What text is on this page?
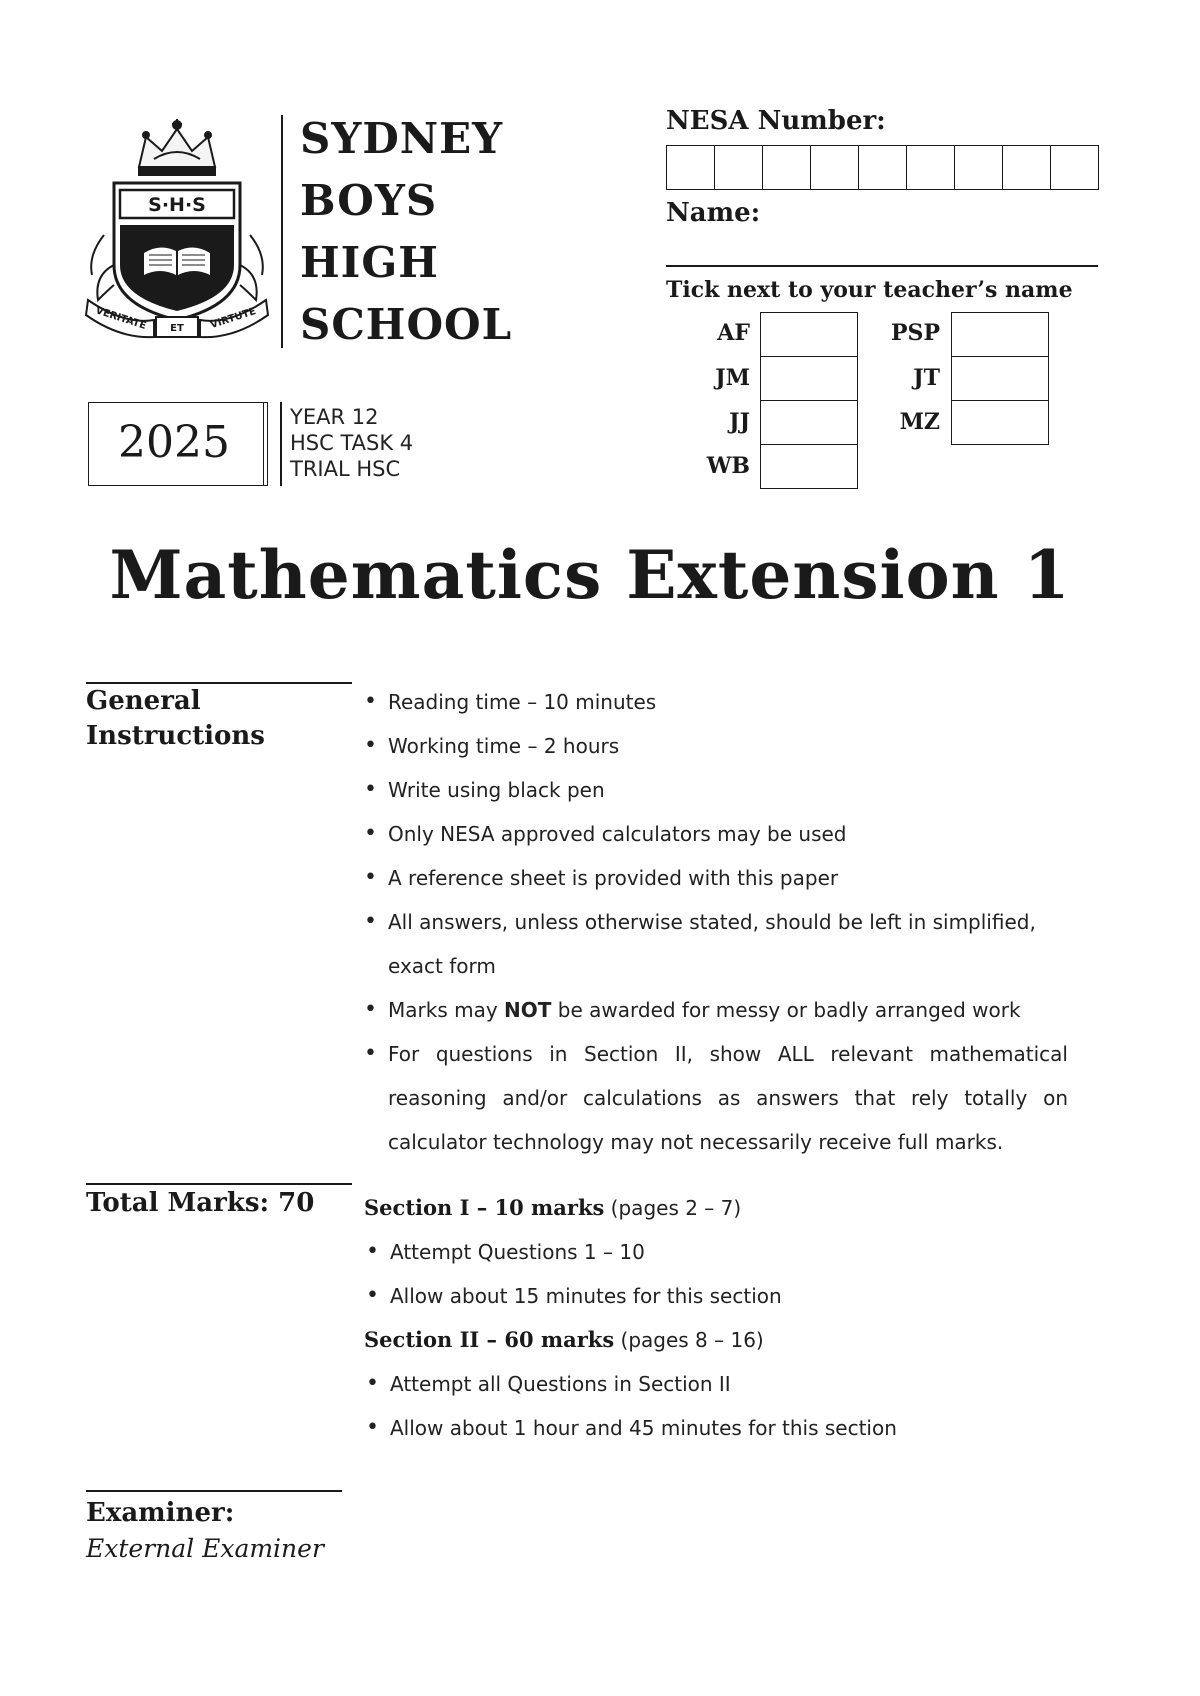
S·H·S
VERITATE ET	VIRTUTE
SYDNEY
BOYS
HIGH
SCHOOL
2025	YEAR 12
HSC TASK 4
TRIAL HSC
NESA Number:
Name:
Tick next to your teacher’s name
AF
JM
JJ
WB
PSP
JT
MZ
Mathematics Extension 1
General
Instructions

• Reading time – 10 minutes

• Working time – 2 hours

• Write using black pen

• Only NESA approved calculators may be used

• A reference sheet is provided with this paper

• All answers, unless otherwise stated, should be left in simplified, exact form

• Marks may NOT be awarded for messy or badly arranged work

• For questions in Section II, show ALL relevant mathematical reasoning and/or calculations as answers that rely totally on calculator technology may not necessarily receive full marks.

Total Marks: 70 Section I – 10 marks (pages 2 – 7)

• Attempt Questions 1 – 10

• Allow about 15 minutes for this section

Section II – 60 marks (pages 8 – 16)

• Attempt all Questions in Section II

• Allow about 1 hour and 45 minutes for this section

Examiner:
External Examiner
